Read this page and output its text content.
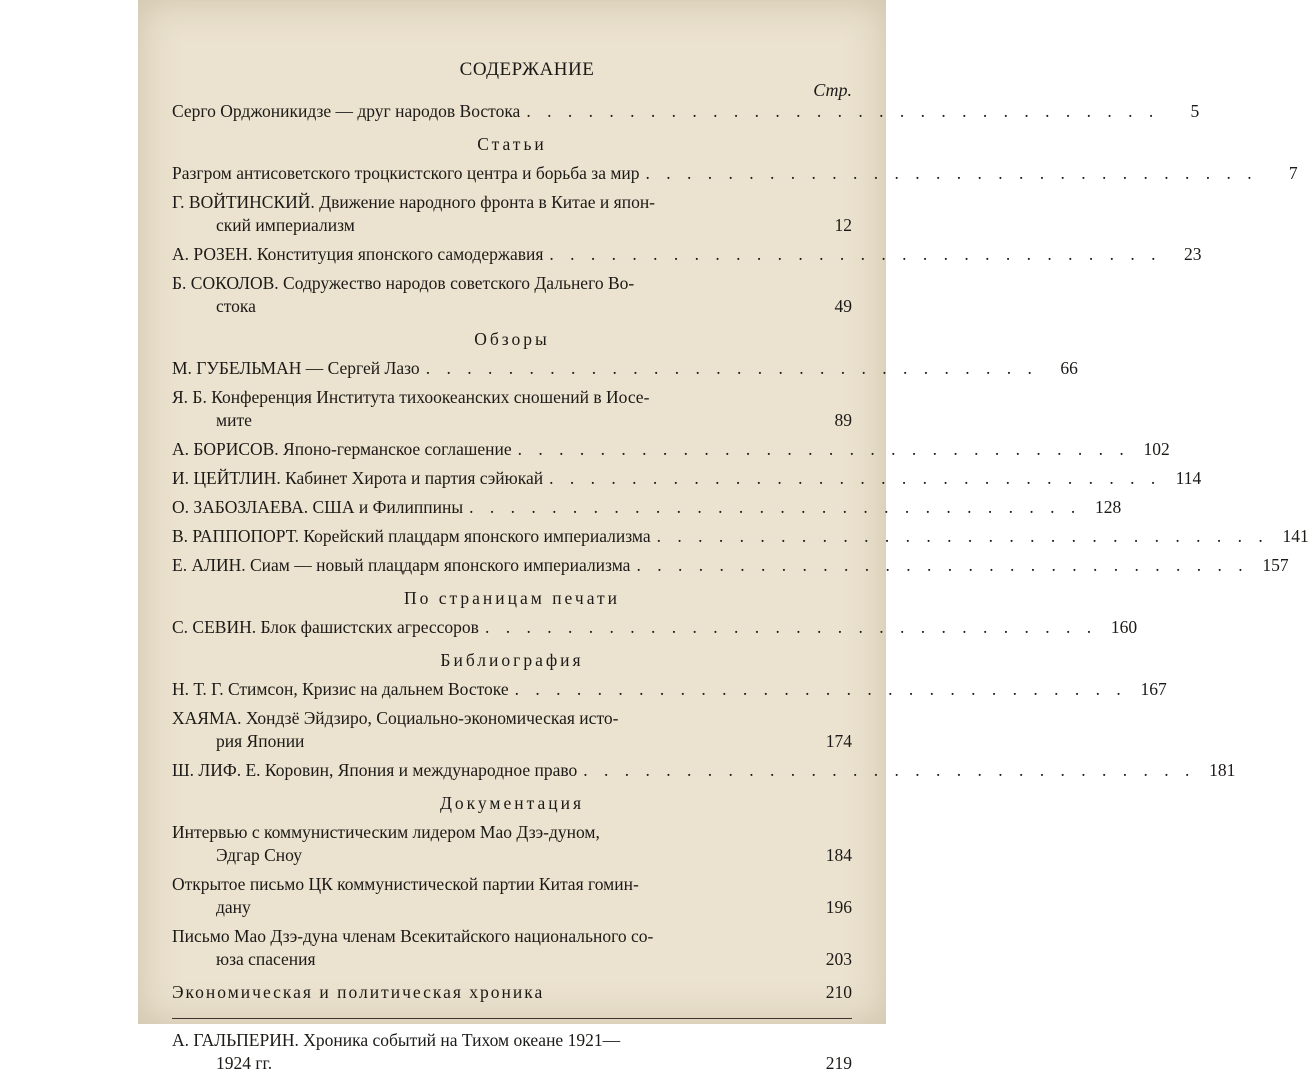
СОДЕРЖАНИЕ
Стр.
Серго Орджоникидзе — друг народов Востока . . . . . . . . . . . . . . . . . . . . . . . . . . . . . . .	5
Статьи
Разгром антисоветского троцкистского центра и борьба за мир . . . . . . . . . . . . . . . . . . . . . . . . . . . . . .	7
Г. ВОЙТИНСКИЙ. Движение народного фронта в Китае и япон-
ский империализм	12
А. РОЗЕН. Конституция японского самодержавия . . . . . . . . . . . . . . . . . . . . . . . . . . . . . .	23
Б. СОКОЛОВ. Содружество народов советского Дальнего Во-
стока	49
Обзоры
М. ГУБЕЛЬМАН — Сергей Лазо . . . . . . . . . . . . . . . . . . . . . . . . . . . . . .	66
Я. Б. Конференция Института тихоокеанских сношений в Иосе-
мите	89
А. БОРИСОВ. Японо-германское соглашение . . . . . . . . . . . . . . . . . . . . . . . . . . . . . . 102
И. ЦЕЙТЛИН. Кабинет Хирота и партия сэйюкай . . . . . . . . . . . . . . . . . . . . . . . . . . . . . . 114
О. ЗАБОЗЛАЕВА. США и Филиппины . . . . . . . . . . . . . . . . . . . . . . . . . . . . . . 128
В. РАППОПОРТ. Корейский плацдарм японского империализма . . . . . . . . . . . . . . . . . . . . . . . . . . . . . . 141
Е. АЛИН. Сиам — новый плацдарм японского империализма . . . . . . . . . . . . . . . . . . . . . . . . . . . . . . 157
По страницам печати
С. СЕВИН. Блок фашистских агрессоров . . . . . . . . . . . . . . . . . . . . . . . . . . . . . . 160
Библиография
Н. Т. Г. Стимсон, Кризис на дальнем Востоке . . . . . . . . . . . . . . . . . . . . . . . . . . . . . . 167
ХАЯМА. Хондзё Эйдзиро, Социально-экономическая исто-
рия Японии	174
Ш. ЛИФ. Е. Коровин, Япония и международное право . . . . . . . . . . . . . . . . . . . . . . . . . . . . . . 181
Документация
Интервью с коммунистическим лидером Мао Дзэ-дуном,
Эдгар Сноу	184
Открытое письмо ЦК коммунистической партии Китая гомин-
дану	196
Письмо Мао Дзэ-дуна членам Всекитайского национального со-
юза спасения	203
Экономическая и политическая хроника	210
А. ГАЛЬПЕРИН. Хроника событий на Тихом океане 1921—
1924 гг.	219
